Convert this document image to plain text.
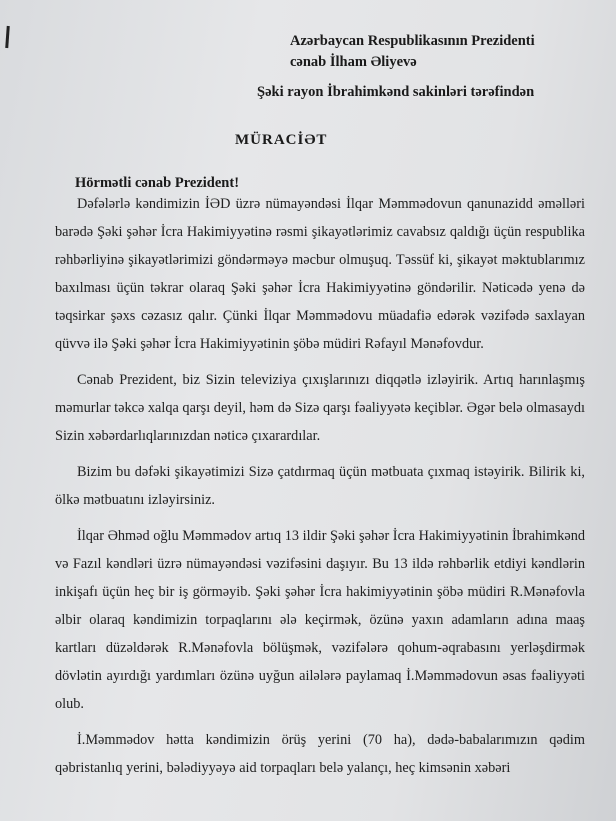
Azərbaycan Respublikasının Prezidenti
cənab İlham Əliyevə
Şəki rayon İbrahimkənd sakinləri tərəfindən
MÜRACİƏT
Hörmətli cənab Prezident!

Dəfələrlə kəndimizin İƏD üzrə nümayəndəsi İlqar Məmmədovun qanunazidd əməlləri barədə Şəki şəhər İcra Hakimiyyətinə rəsmi şikayətlərimiz cavabsız qaldığı üçün respublika rəhbərliyinə şikayətlərimizi göndərməyə məcbur olmuşuq. Təssüf ki, şikayət məktublarımız baxılması üçün təkrar olaraq Şəki şəhər İcra Hakimiyyətinə göndərilir. Nəticədə yenə də təqsirkar şəxs cəzasız qalır. Çünki İlqar Məmmədovu müadafiə edərək vəzifədə saxlayan qüvvə ilə Şəki şəhər İcra Hakimiyyətinin şöbə müdiri Rəfayıl Mənəfovdur.

Cənab Prezident, biz Sizin televiziya çıxışlarınızı diqqətlə izləyirik. Artıq harınlaşmış məmurlar təkcə xalqa qarşı deyil, həm də Sizə qarşı fəaliyyətə keçiblər. Əgər belə olmasaydı Sizin xəbərdarlıqlarınızdan nəticə çıxarardılar.

Bizim bu dəfəki şikayətimizi Sizə çatdırmaq üçün mətbuata çıxmaq istəyirik. Bilirik ki, ölkə mətbuatını izləyirsiniz.

İlqar Əhməd oğlu Məmmədov artıq 13 ildir Şəki şəhər İcra Hakimiyyətinin İbrahimkənd və Fazıl kəndləri üzrə nümayəndəsi vəzifəsini daşıyır. Bu 13 ildə rəhbərlik etdiyi kəndlərin inkişafı üçün heç bir iş görməyib. Şəki şəhər İcra hakimiyyətinin şöbə müdiri R.Mənəfovla əlbir olaraq kəndimizin torpaqlarını ələ keçirmək, özünə yaxın adamların adına maaş kartları düzəldərək R.Mənəfovla bölüşmək, vəzifələrə qohum-əqrabasını yerləşdirmək dövlətin ayırdığı yardımları özünə uyğun ailələrə paylamaq İ.Məmmədovun əsas fəaliyyəti olub.

İ.Məmmədov hətta kəndimizin örüş yerini (70 ha), dədə-babalarımızın qədim qəbristanlıq yerini, bələdiyyəyə aid torpaqları belə yalançı, heç kimsənin xəbəri
